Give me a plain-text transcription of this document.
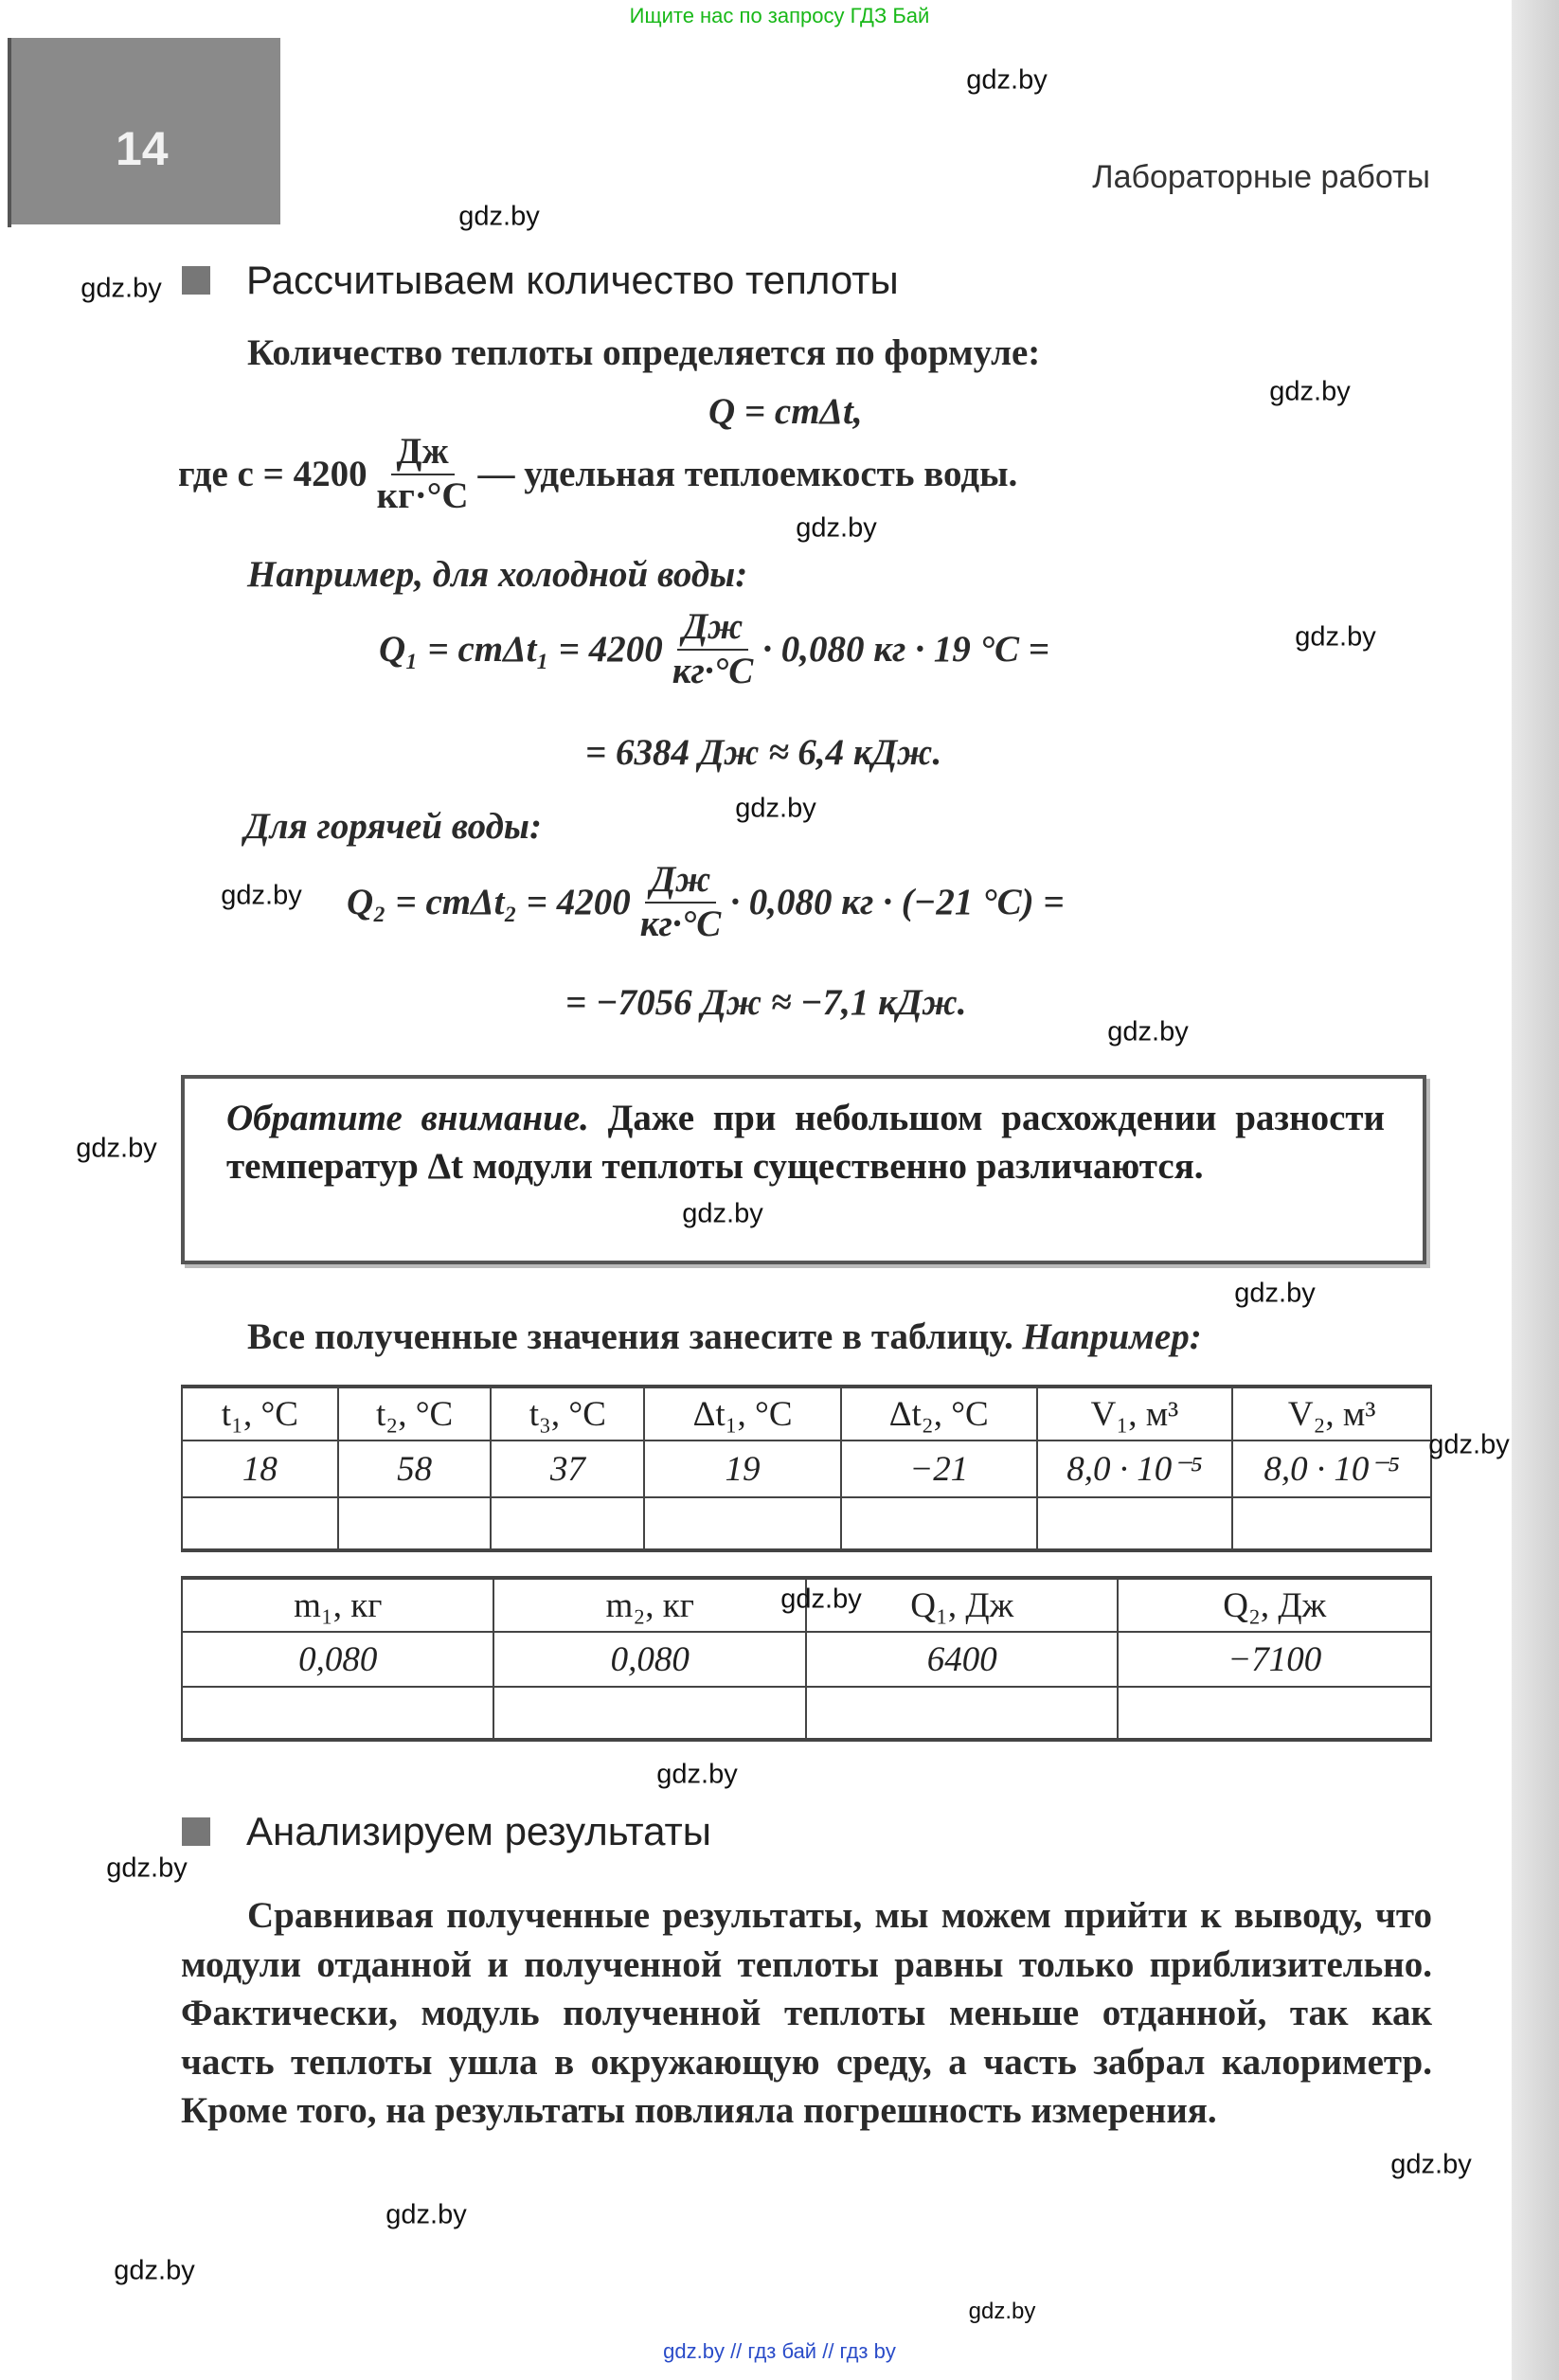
Ищите нас по запросу ГДЗ Бай
14
Лабораторные работы
Рассчитываем количество теплоты
Количество теплоты определяется по формуле:
Q = cmΔt,
где $c = 4200 \frac{Дж}{кг\cdot^\circ С}$ — удельная теплоемкость воды.
Например, для холодной воды:
$Q_1 = cm\Delta t_1 = 4200 \frac{Дж}{кг\cdot^\circ С} \cdot 0,080$ кг · 19 °С =
= 6384 Дж ≈ 6,4 кДж.
Для горячей воды:
$Q_2 = cm\Delta t_2 = 4200 \frac{Дж}{кг\cdot^\circ С} \cdot 0,080$ кг · (−21 °С) =
= −7056 Дж ≈ −7,1 кДж.
Обратите внимание. Даже при небольшом расхождении разности температур Δt модули теплоты существенно различаются.
Все полученные значения занесите в таблицу. Например:
t₁, °С	t₂, °С	t₃, °С	Δt₁, °С	Δt₂, °С	V₁, м³	V₂, м³
18	58	37	19	−21	8,0 · 10⁻⁵	8,0 · 10⁻⁵

m₁, кг	m₂, кг	Q₁, Дж	Q₂, Дж
0,080	0,080	6400	−7100

Анализируем результаты
Сравнивая полученные результаты, мы можем прийти к выводу, что модули отданной и полученной теплоты равны только приблизительно. Фактически, модуль полученной теплоты меньше отданной, так как часть теплоты ушла в окружающую среду, а часть забрал калориметр. Кроме того, на результаты повлияла погрешность измерения.
gdz.by
gdz.by
gdz.by
gdz.by
gdz.by
gdz.by
gdz.by
gdz.by
gdz.by
gdz.by
gdz.by
gdz.by
gdz.by
gdz.by
gdz.by
gdz.by
gdz.by
gdz.by
gdz.by
gdz.by
gdz.by // гдз бай // гдз by
